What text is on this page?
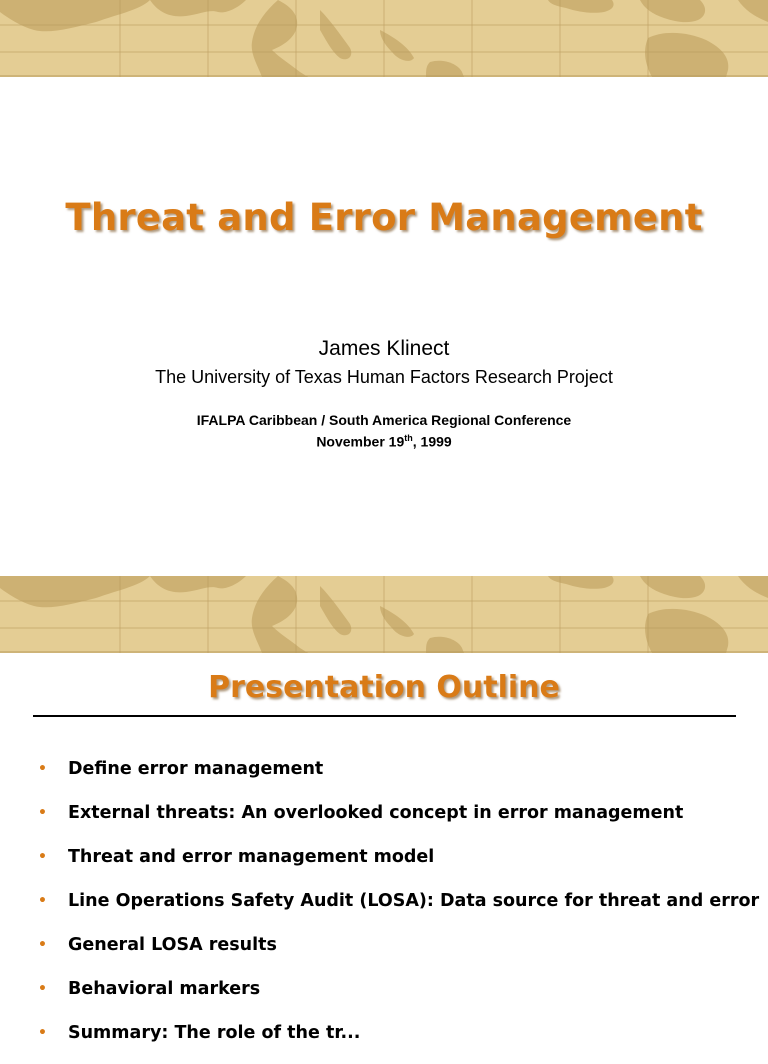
Threat and Error Management
James Klinect
The University of Texas Human Factors Research Project
IFALPA Caribbean / South America Regional Conference
November 19th, 1999
Presentation Outline
• Define error management
• External threats: An overlooked concept in error management
• Threat and error management model
• Line Operations Safety Audit (LOSA): Data source for threat and error
• General LOSA results
• Behavioral markers
• Summary: The role of the tr...
